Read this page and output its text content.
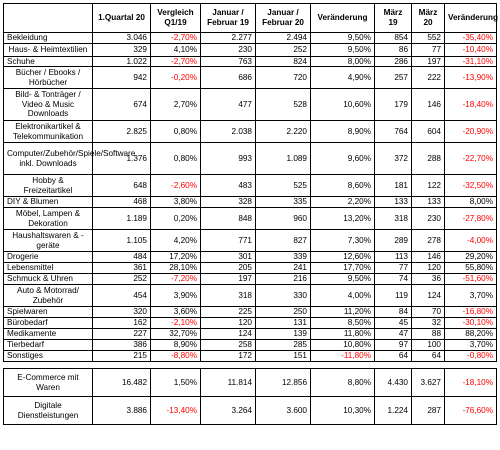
	1.Quartal 20	Vergleich Q1/19	Januar / Februar 19	Januar / Februar 20	Veränderung	März 19	März 20	Veränderung
Bekleidung	3.046	-2,70%	2.277	2.494	9,50%	854	552	-35,40%
Haus- & Heimtextilien	329	4,10%	230	252	9,50%	86	77	-10,40%
Schuhe	1.022	-2,70%	763	824	8,00%	286	197	-31,10%
Bücher / Ebooks / Hörbücher	942	-0,20%	686	720	4,90%	257	222	-13,90%
Bild- & Tonträger / Video & Music Downloads	674	2,70%	477	528	10,60%	179	146	-18,40%
Elektronikartikel & Telekommunikation	2.825	0,80%	2.038	2.220	8,90%	764	604	-20,90%
Computer/Zubehör/Spiele/Software inkl. Downloads	1.376	0,80%	993	1.089	9,60%	372	288	-22,70%
Hobby & Freizeitartikel	648	-2,60%	483	525	8,60%	181	122	-32,50%
DIY & Blumen	468	3,80%	328	335	2,20%	133	133	8,00%
Möbel, Lampen & Dekoration	1.189	0,20%	848	960	13,20%	318	230	-27,80%
Haushaltswaren & -geräte	1.105	4,20%	771	827	7,30%	289	278	-4,00%
Drogerie	484	17,20%	301	339	12,60%	113	146	29,20%
Lebensmittel	361	28,10%	205	241	17,70%	77	120	55,80%
Schmuck & Uhren	252	-7,20%	197	216	9,50%	74	36	-51,60%
Auto & Motorrad/ Zubehör	454	3,90%	318	330	4,00%	119	124	3,70%
Spielwaren	320	3,60%	225	250	11,20%	84	70	-16,80%
Bürobedarf	162	-2,10%	120	131	8,50%	45	32	-30,10%
Medikamente	227	32,70%	124	139	11,80%	47	88	88,20%
Tierbedarf	386	8,90%	258	285	10,80%	97	100	3,70%
Sonstiges	215	-8,80%	172	151	-11,80%	64	64	-0,80%

E-Commerce mit Waren	16.482	1,50%	11.814	12.856	8,80%	4.430	3.627	-18,10%
Digitale Dienstleistungen	3.886	-13,40%	3.264	3.600	10,30%	1.224	287	-76,60%
